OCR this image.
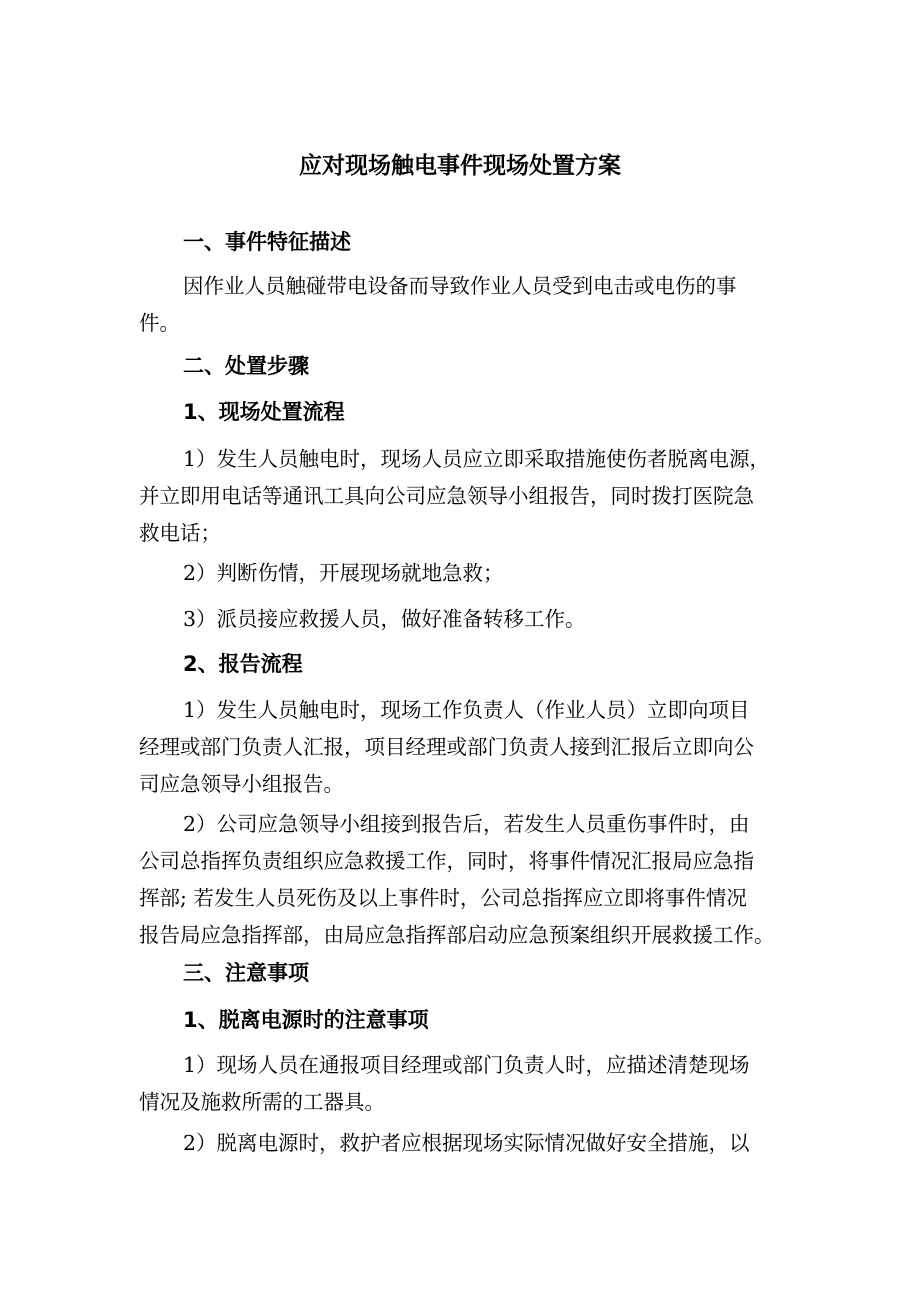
应对现场触电事件现场处置方案
一、事件特征描述
因作业人员触碰带电设备而导致作业人员受到电击或电伤的事
件。
二、处置步骤
1、现场处置流程
1）发生人员触电时，现场人员应立即采取措施使伤者脱离电源，
并立即用电话等通讯工具向公司应急领导小组报告，同时拨打医院急
救电话；
2）判断伤情，开展现场就地急救；
3）派员接应救援人员，做好准备转移工作。
2、报告流程
1）发生人员触电时，现场工作负责人（作业人员）立即向项目
经理或部门负责人汇报，项目经理或部门负责人接到汇报后立即向公
司应急领导小组报告。
2）公司应急领导小组接到报告后，若发生人员重伤事件时，由
公司总指挥负责组织应急救援工作，同时，将事件情况汇报局应急指
挥部; 若发生人员死伤及以上事件时，公司总指挥应立即将事件情况
报告局应急指挥部，由局应急指挥部启动应急预案组织开展救援工作。
三、注意事项
1、脱离电源时的注意事项
1）现场人员在通报项目经理或部门负责人时，应描述清楚现场
情况及施救所需的工器具。
2）脱离电源时，救护者应根据现场实际情况做好安全措施，以
